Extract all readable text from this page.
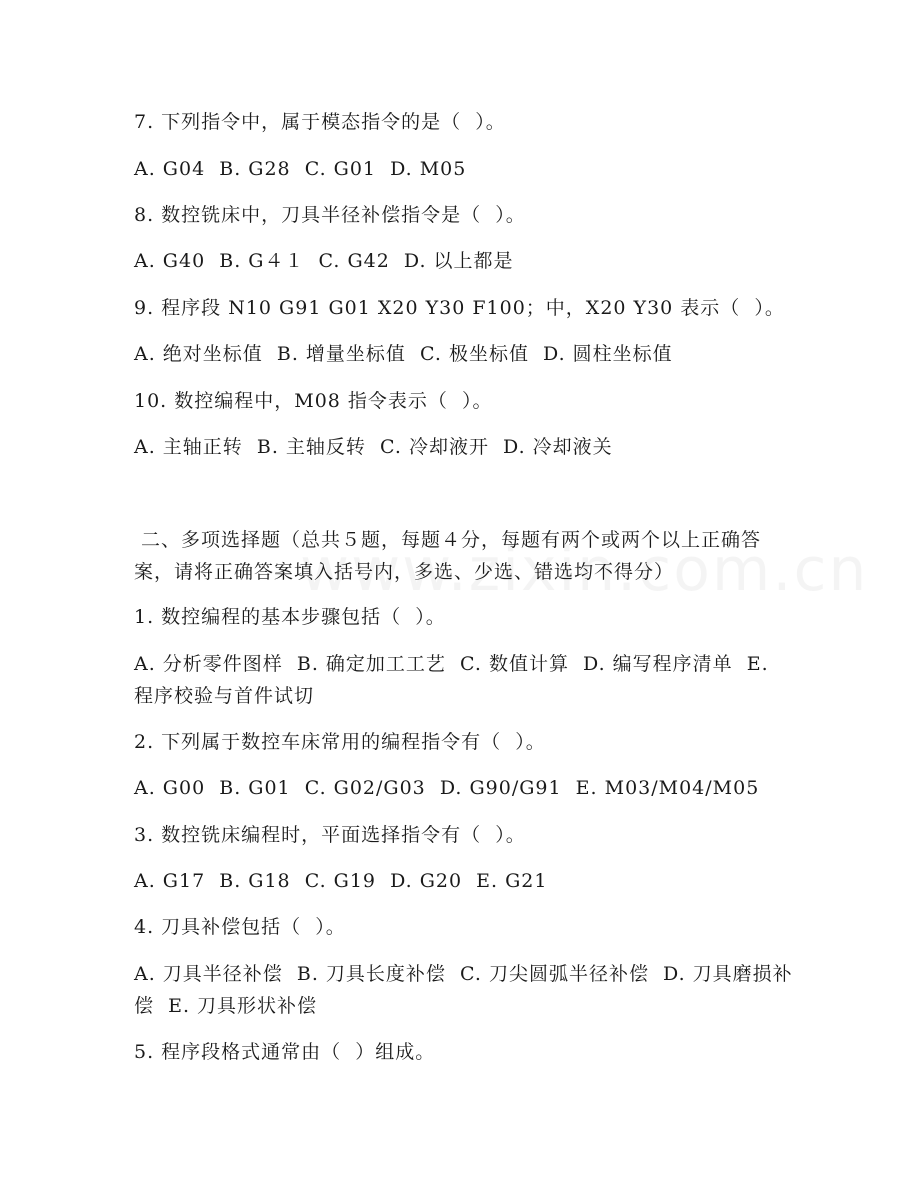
7. 下列指令中，属于模态指令的是（  ）。
A. G04  B. G28  C. G01  D. M05
8. 数控铣床中，刀具半径补偿指令是（  ）。
A. G40  B. G４１  C. G42  D. 以上都是
9. 程序段 N10 G91 G01 X20 Y30 F100；中，X20 Y30 表示（  ）。
A. 绝对坐标值  B. 增量坐标值  C. 极坐标值  D. 圆柱坐标值
10. 数控编程中，M08 指令表示（  ）。
A. 主轴正转  B. 主轴反转  C. 冷却液开  D. 冷却液关
二、多项选择题（总共５题，每题４分，每题有两个或两个以上正确答案，请将正确答案填入括号内，多选、少选、错选均不得分）
1. 数控编程的基本步骤包括（  ）。
A. 分析零件图样  B. 确定加工工艺  C. 数值计算  D. 编写程序清单  E. 程序校验与首件试切
2. 下列属于数控车床常用的编程指令有（  ）。
A. G00  B. G01  C. G02/G03  D. G90/G91  E. M03/M04/M05
3. 数控铣床编程时，平面选择指令有（  ）。
A. G17  B. G18  C. G19  D. G20  E. G21
4. 刀具补偿包括（  ）。
A. 刀具半径补偿  B. 刀具长度补偿  C. 刀尖圆弧半径补偿  D. 刀具磨损补偿  E. 刀具形状补偿
5. 程序段格式通常由（  ）组成。
